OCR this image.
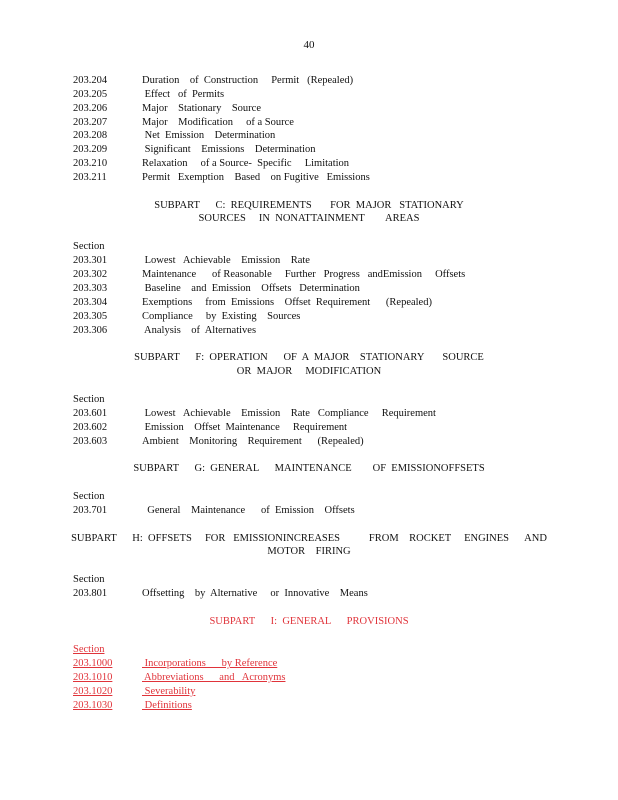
40
203.204	Duration    of  Construction     Permit   (Repealed)
203.205	Effect   of  Permits
203.206	Major    Stationary    Source
203.207	Major    Modification     of a Source
203.208	Net  Emission    Determination
203.209	Significant    Emissions    Determination
203.210	Relaxation     of a Source-  Specific     Limitation
203.211	Permit   Exemption    Based    on Fugitive   Emissions
SUBPART      C:  REQUIREMENTS       FOR  MAJOR   STATIONARY
SOURCES     IN  NONATTAINMENT        AREAS
Section
203.301	Lowest   Achievable    Emission    Rate
203.302	Maintenance      of Reasonable     Further   Progress   andEmission     Offsets
203.303	Baseline    and  Emission    Offsets   Determination
203.304	Exemptions     from  Emissions    Offset  Requirement      (Repealed)
203.305	Compliance     by  Existing    Sources
203.306	Analysis    of  Alternatives
SUBPART      F:  OPERATION      OF  A  MAJOR    STATIONARY       SOURCE
OR  MAJOR     MODIFICATION
Section
203.601	Lowest   Achievable    Emission    Rate   Compliance     Requirement
203.602	Emission    Offset  Maintenance     Requirement
203.603	Ambient    Monitoring    Requirement      (Repealed)
SUBPART      G:  GENERAL      MAINTENANCE        OF  EMISSIONOFFSETS
Section
203.701	General    Maintenance      of  Emission    Offsets
SUBPART      H:  OFFSETS     FOR   EMISSIONINCREASES           FROM    ROCKET     ENGINES      AND
MOTOR    FIRING
Section
203.801	Offsetting    by  Alternative     or  Innovative    Means
SUBPART      I:  GENERAL      PROVISIONS
Section
203.1000	Incorporations      by Reference
203.1010	Abbreviations      and   Acronyms
203.1020	Severability
203.1030	Definitions
